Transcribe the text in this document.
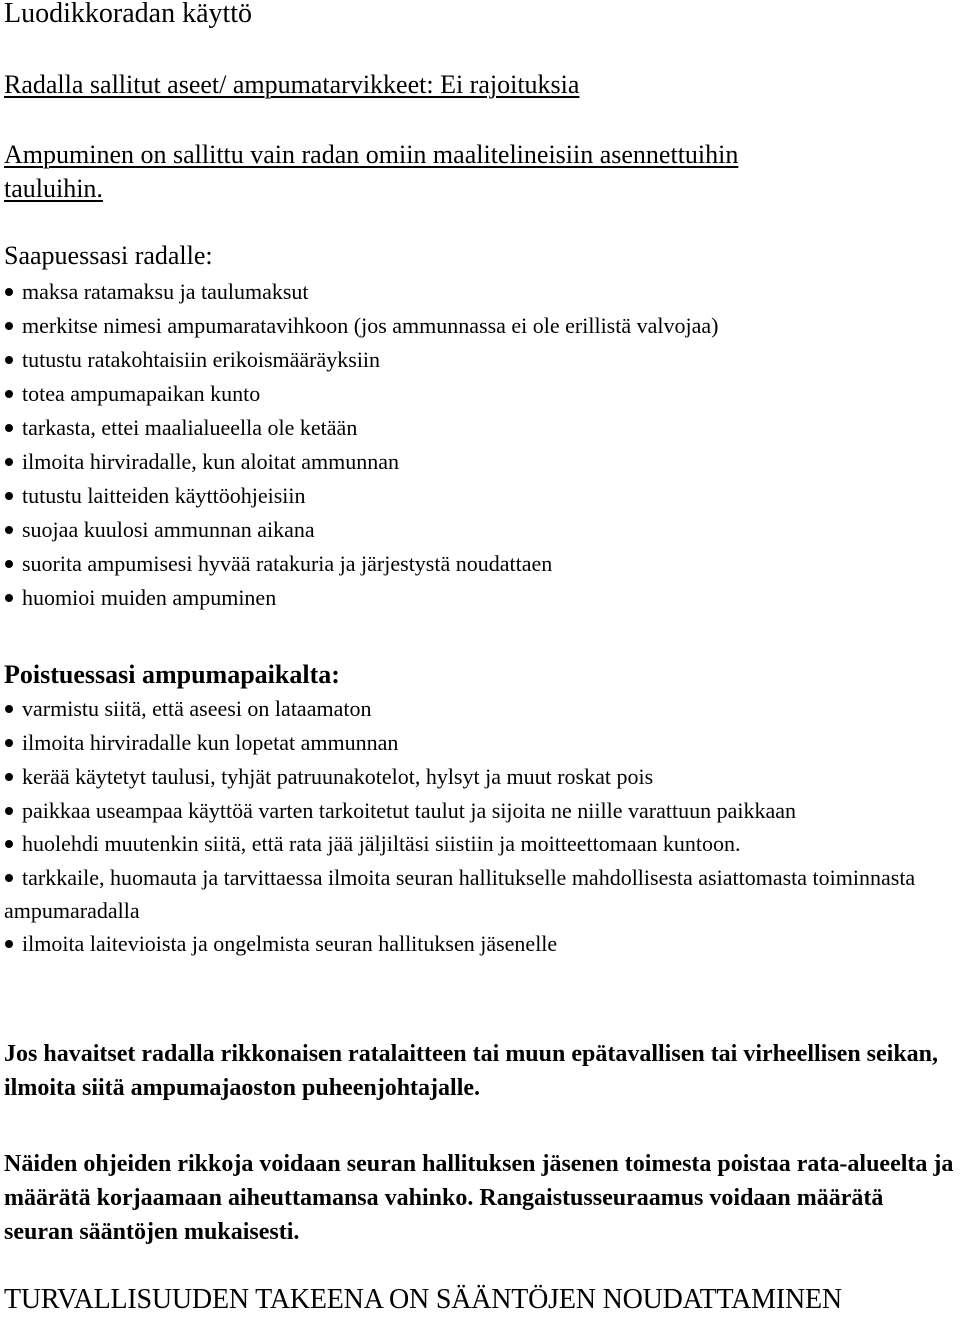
Luodikkoradan käyttö
Radalla sallitut aseet/ ampumatarvikkeet: Ei rajoituksia
Ampuminen on sallittu vain radan omiin maalitelineisiin asennettuihin
tauluihin.
Saapuessasi radalle:
maksa ratamaksu ja taulumaksut
merkitse nimesi ampumaratavihkoon (jos ammunnassa ei ole erillistä valvojaa)
tutustu ratakohtaisiin erikoismääräyksiin
totea ampumapaikan kunto
tarkasta, ettei maalialueella ole ketään
ilmoita hirviradalle, kun aloitat ammunnan
tutustu laitteiden käyttöohjeisiin
suojaa kuulosi ammunnan aikana
suorita ampumisesi hyvää ratakuria ja järjestystä noudattaen
huomioi muiden ampuminen
Poistuessasi ampumapaikalta:
varmistu siitä, että aseesi on lataamaton
ilmoita hirviradalle kun lopetat ammunnan
kerää käytetyt taulusi, tyhjät patruunakotelot, hylsyt ja muut roskat pois
paikkaa useampaa käyttöä varten tarkoitetut taulut ja sijoita ne niille varattuun paikkaan
huolehdi muutenkin siitä, että rata jää jäljiltäsi siistiin ja moitteettomaan kuntoon.
tarkkaile, huomauta ja tarvittaessa ilmoita seuran hallitukselle mahdollisesta asiattomasta toiminnasta ampumaradalla
ilmoita laitevioista ja ongelmista seuran hallituksen jäsenelle
Jos havaitset radalla rikkonaisen ratalaitteen tai muun epätavallisen tai virheellisen seikan, ilmoita siitä ampumajaoston puheenjohtajalle.
Näiden ohjeiden rikkoja voidaan seuran hallituksen jäsenen toimesta poistaa rata-alueelta ja määrätä korjaamaan aiheuttamansa vahinko. Rangaistusseuraamus voidaan määrätä seuran sääntöjen mukaisesti.
TURVALLISUUDEN TAKEENA ON SÄÄNTÖJEN NOUDATTAMINEN
